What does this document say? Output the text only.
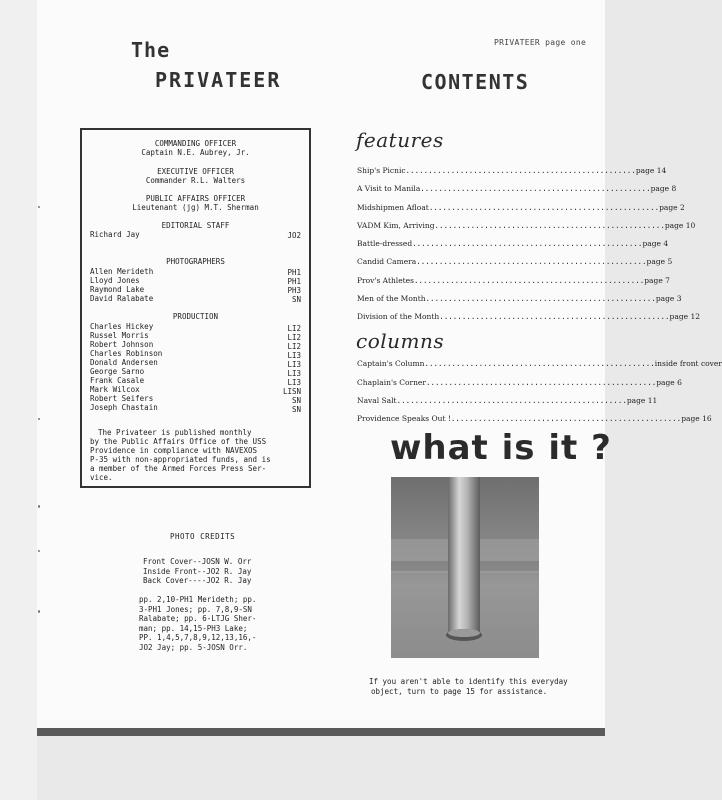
PRIVATEER page one
The
PRIVATEER	CONTENTS
COMMANDING OFFICER
Captain N.E. Aubrey, Jr.
EXECUTIVE OFFICER
Commander R.L. Walters
PUBLIC AFFAIRS OFFICER
Lieutenant (jg) M.T. Sherman
EDITORIAL STAFF
Richard Jay	JO2
PHOTOGRAPHERS
Allen Merideth	PH1
Lloyd Jones	PH1
Raymond Lake	PH3
David Ralabate	SN
PRODUCTION
Charles Hickey	LI2
Russel Morris	LI2
Robert Johnson	LI2
Charles Robinson	LI3
Donald Andersen	LI3
George Sarno	LI3
Frank Casale	LI3
Mark Wilcox	LISN
Robert Seifers	SN
Joseph Chastain	SN
The Privateer is published monthly
by the Public Affairs Office of the USS
Providence in compliance with NAVEXOS
P-35 with non-appropriated funds, and is
a member of the Armed Forces Press Ser-
vice.
features
Ship's Picnic ................................................... page 14
A Visit to Manila ................................................... page 8
Midshipmen Afloat ................................................... page 2
VADM Kim, Arriving ................................................... page 10
Battle-dressed ................................................... page 4
Candid Camera ................................................... page 5
Prov's Athletes ................................................... page 7
Men of the Month ................................................... page 3
Division of the Month ................................................... page 12
columns
Captain's Column ................................................... inside front cover
Chaplain's Corner ................................................... page 6
Naval Salt ................................................... page 11
Providence Speaks Out ! ................................................... page 16
what is it ?
If you aren't able to identify this everyday
object, turn to page 15 for assistance.
PHOTO CREDITS
Front Cover--JOSN W. Orr
Inside Front--JO2 R. Jay
Back Cover----JO2 R. Jay
pp. 2,10-PH1 Merideth; pp.
3-PH1 Jones; pp. 7,8,9-SN
Ralabate; pp. 6-LTJG Sher-
man; pp. 14,15-PH3 Lake;
PP. 1,4,5,7,8,9,12,13,16,-
JO2 Jay; pp. 5-JOSN Orr.
